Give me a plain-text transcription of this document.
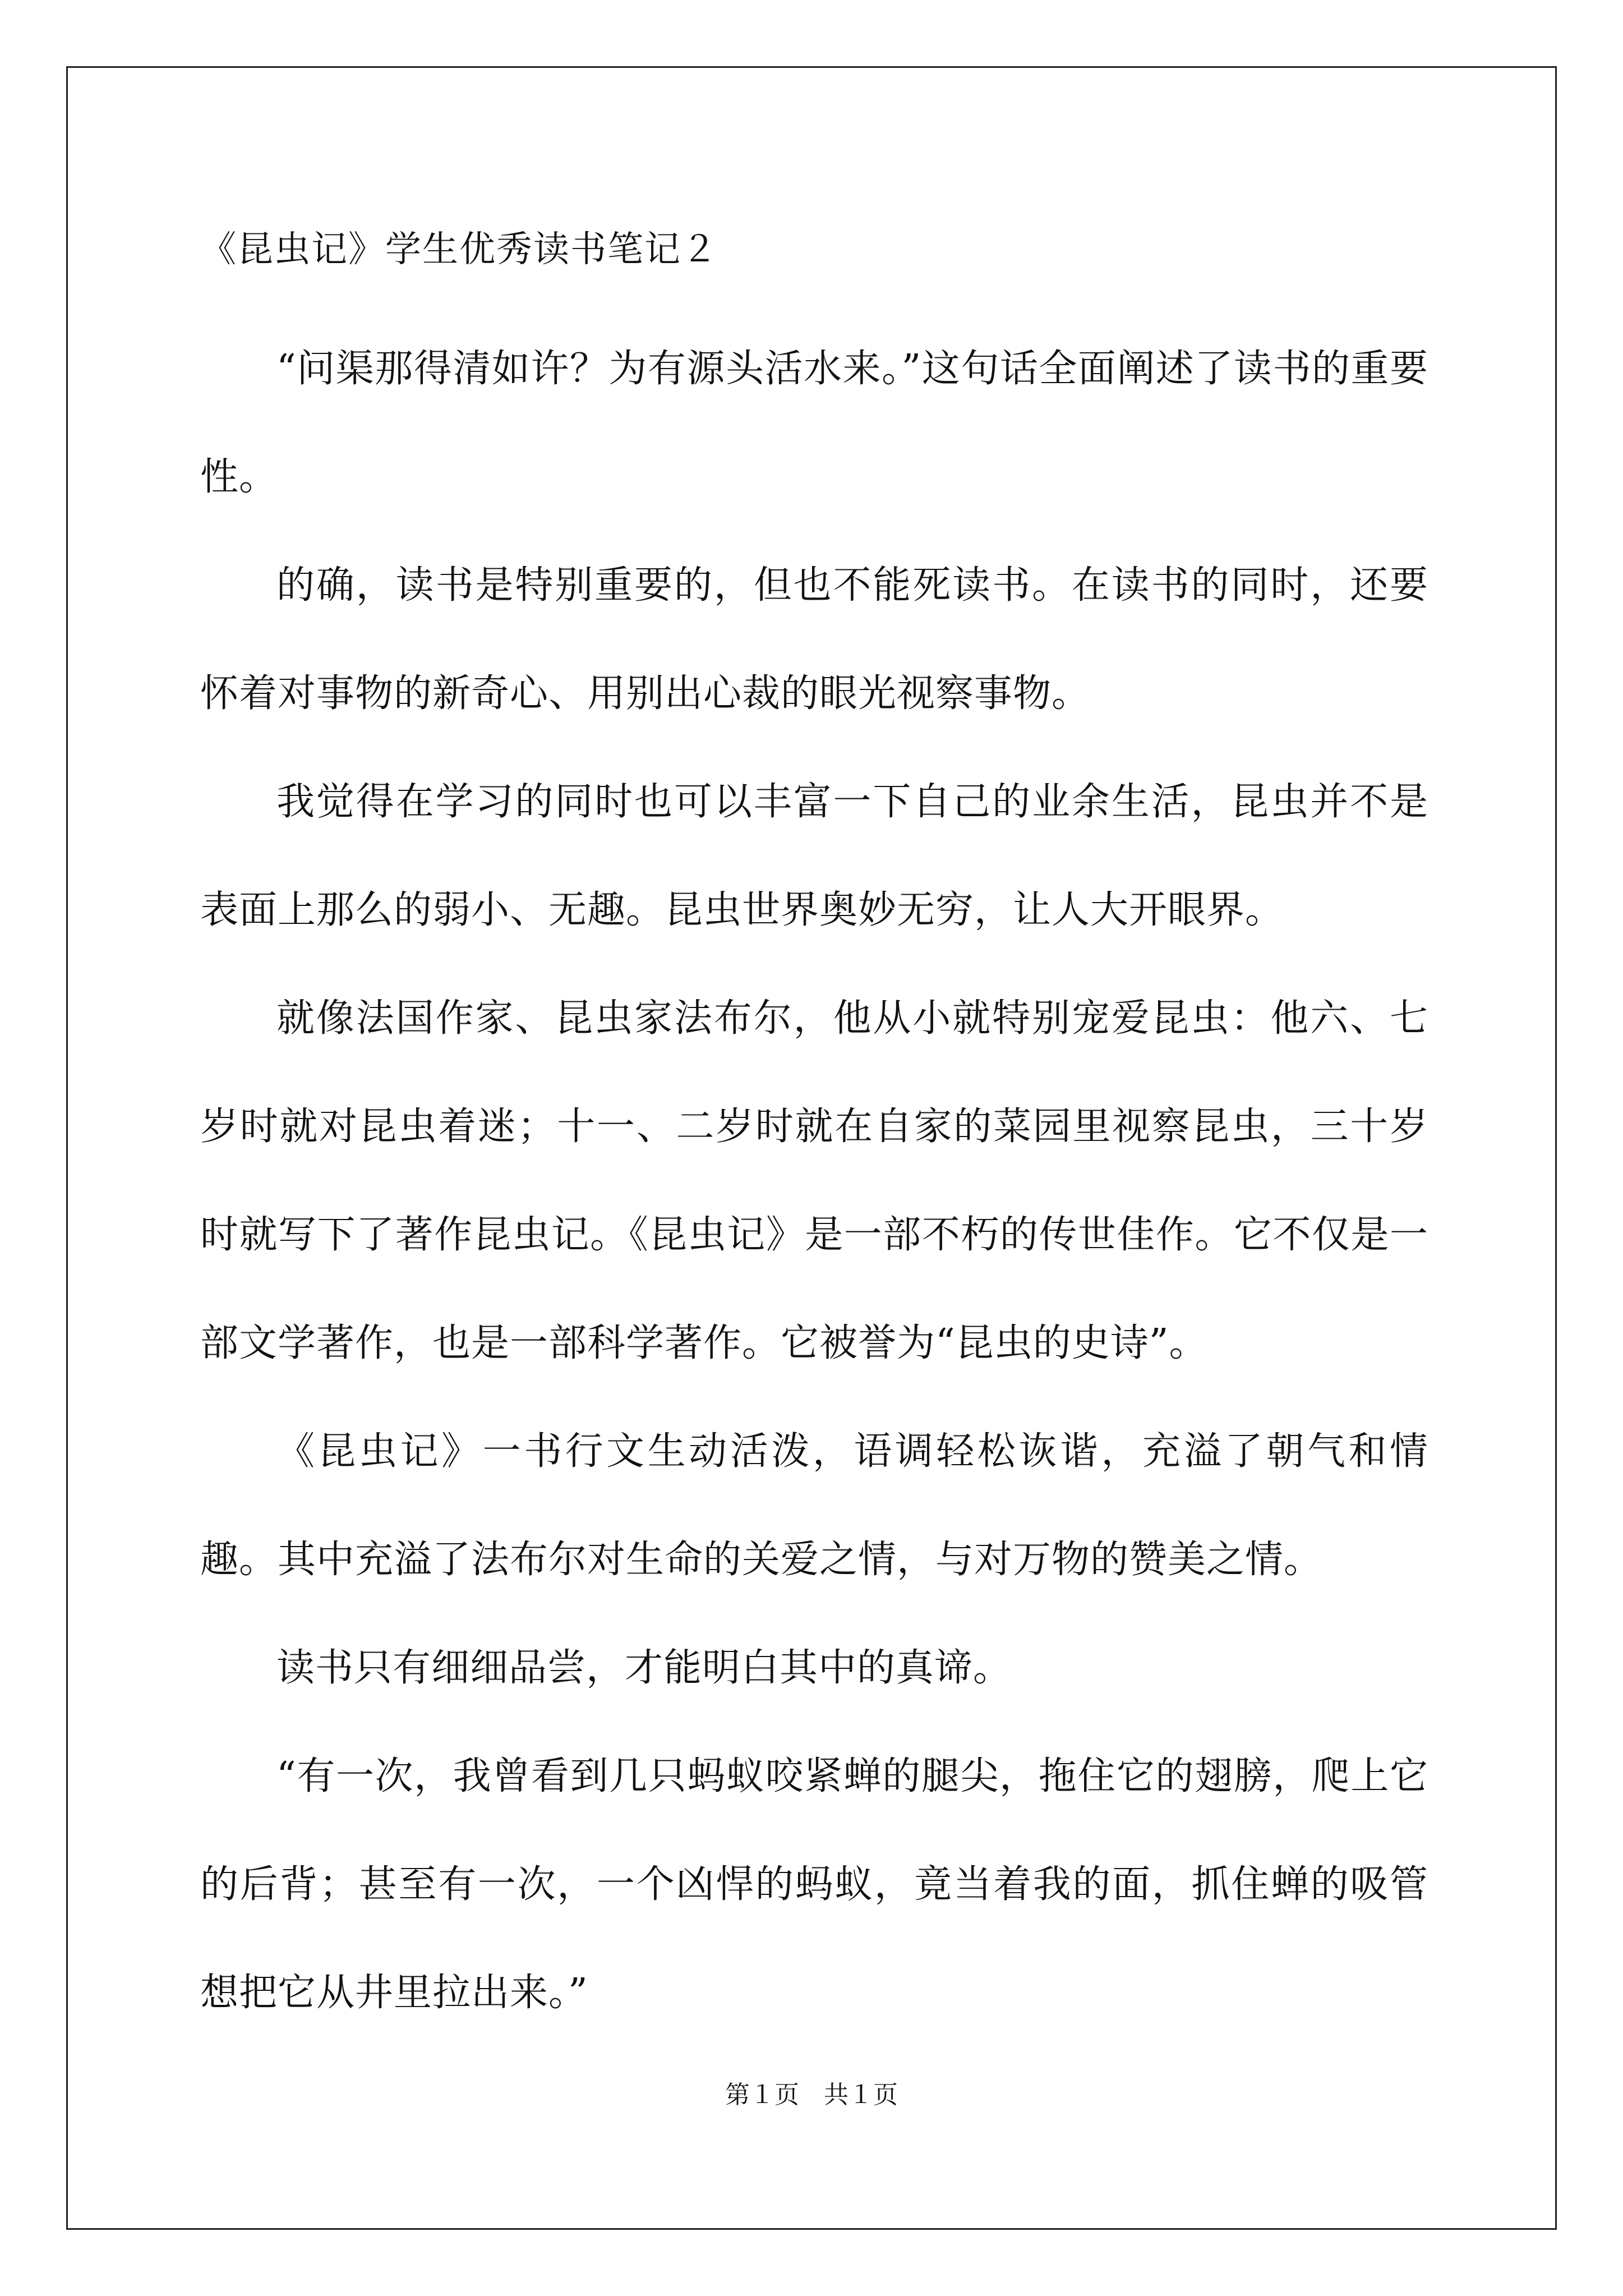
《昆虫记》学生优秀读书笔记２

“问渠那得清如许？为有源头活水来。”这句话全面阐述了读书的重要性。

的确，读书是特别重要的，但也不能死读书。在读书的同时，还要怀着对事物的新奇心、用别出心裁的眼光视察事物。

我觉得在学习的同时也可以丰富一下自己的业余生活，昆虫并不是表面上那么的弱小、无趣。昆虫世界奥妙无穷，让人大开眼界。

就像法国作家、昆虫家法布尔，他从小就特别宠爱昆虫：他六、七岁时就对昆虫着迷；十一、二岁时就在自家的菜园里视察昆虫，三十岁时就写下了著作昆虫记。《昆虫记》是一部不朽的传世佳作。它不仅是一部文学著作，也是一部科学著作。它被誉为“昆虫的史诗”。

《昆虫记》一书行文生动活泼，语调轻松诙谐，充溢了朝气和情趣。其中充溢了法布尔对生命的关爱之情，与对万物的赞美之情。

读书只有细细品尝，才能明白其中的真谛。

“有一次，我曾看到几只蚂蚁咬紧蝉的腿尖，拖住它的翅膀，爬上它的后背；甚至有一次，一个凶悍的蚂蚁，竟当着我的面，抓住蝉的吸管想把它从井里拉出来。”

第１页　共１页
